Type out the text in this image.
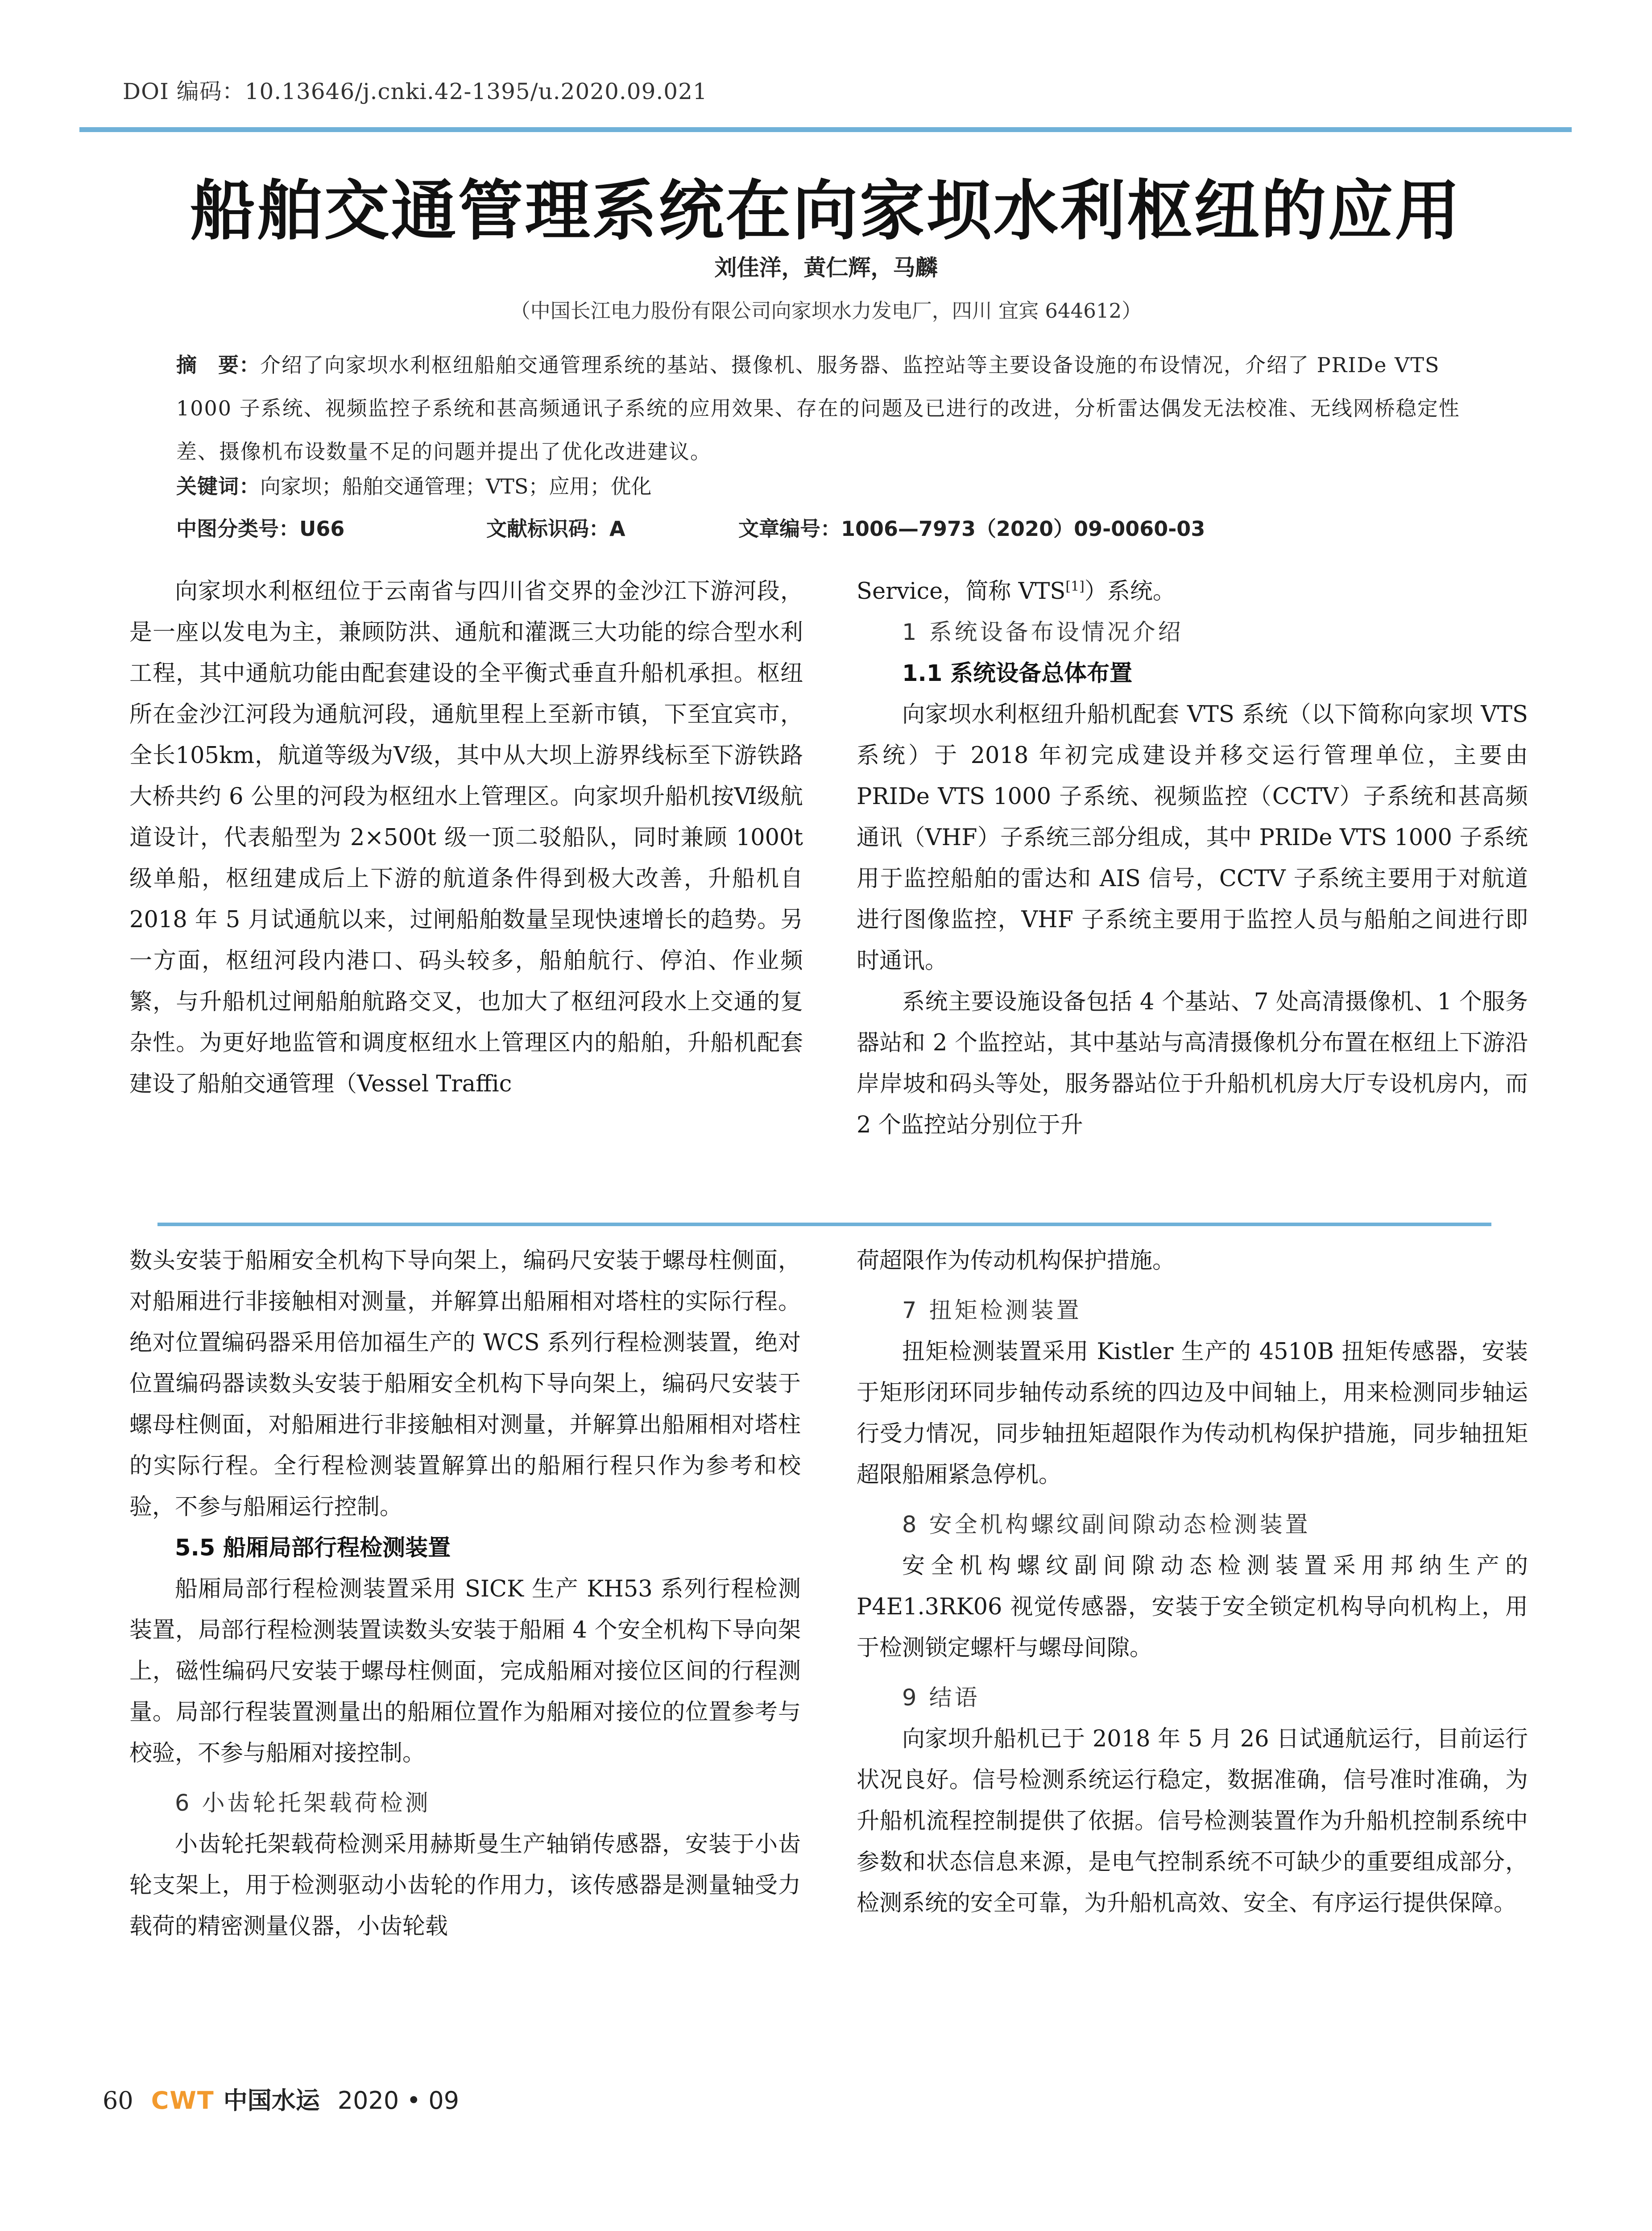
DOI 编码：10.13646/j.cnki.42-1395/u.2020.09.021
船舶交通管理系统在向家坝水利枢纽的应用
刘佳洋，黄仁辉，马麟
（中国长江电力股份有限公司向家坝水力发电厂，四川 宜宾 644612）
摘　要：介绍了向家坝水利枢纽船舶交通管理系统的基站、摄像机、服务器、监控站等主要设备设施的布设情况，介绍了 PRIDe VTS 1000 子系统、视频监控子系统和甚高频通讯子系统的应用效果、存在的问题及已进行的改进，分析雷达偶发无法校准、无线网桥稳定性差、摄像机布设数量不足的问题并提出了优化改进建议。
关键词：向家坝；船舶交通管理；VTS；应用；优化
中图分类号：U66	文献标识码：A	文章编号：1006—7973（2020）09-0060-03

向家坝水利枢纽位于云南省与四川省交界的金沙江下游河段，是一座以发电为主，兼顾防洪、通航和灌溉三大功能的综合型水利工程，其中通航功能由配套建设的全平衡式垂直升船机承担。枢纽所在金沙江河段为通航河段，通航里程上至新市镇，下至宜宾市，全长105km，航道等级为Ⅴ级，其中从大坝上游界线标至下游铁路大桥共约 6 公里的河段为枢纽水上管理区。向家坝升船机按Ⅵ级航道设计，代表船型为 2×500t 级一顶二驳船队，同时兼顾 1000t 级单船，枢纽建成后上下游的航道条件得到极大改善，升船机自 2018 年 5 月试通航以来，过闸船舶数量呈现快速增长的趋势。另一方面，枢纽河段内港口、码头较多，船舶航行、停泊、作业频繁，与升船机过闸船舶航路交叉，也加大了枢纽河段水上交通的复杂性。为更好地监管和调度枢纽水上管理区内的船舶，升船机配套建设了船舶交通管理（Vessel Traffic

Service，简称 VTS[1]）系统。

1 系统设备布设情况介绍

1.1 系统设备总体布置

向家坝水利枢纽升船机配套 VTS 系统（以下简称向家坝 VTS 系统）于 2018 年初完成建设并移交运行管理单位，主要由 PRIDe VTS 1000 子系统、视频监控（CCTV）子系统和甚高频通讯（VHF）子系统三部分组成，其中 PRIDe VTS 1000 子系统用于监控船舶的雷达和 AIS 信号，CCTV 子系统主要用于对航道进行图像监控，VHF 子系统主要用于监控人员与船舶之间进行即时通讯。

系统主要设施设备包括 4 个基站、7 处高清摄像机、1 个服务器站和 2 个监控站，其中基站与高清摄像机分布置在枢纽上下游沿岸岸坡和码头等处，服务器站位于升船机机房大厅专设机房内，而 2 个监控站分别位于升

数头安装于船厢安全机构下导向架上，编码尺安装于螺母柱侧面，对船厢进行非接触相对测量，并解算出船厢相对塔柱的实际行程。绝对位置编码器采用倍加福生产的 WCS 系列行程检测装置，绝对位置编码器读数头安装于船厢安全机构下导向架上，编码尺安装于螺母柱侧面，对船厢进行非接触相对测量，并解算出船厢相对塔柱的实际行程。全行程检测装置解算出的船厢行程只作为参考和校验，不参与船厢运行控制。

5.5 船厢局部行程检测装置

船厢局部行程检测装置采用 SICK 生产 KH53 系列行程检测装置，局部行程检测装置读数头安装于船厢 4 个安全机构下导向架上，磁性编码尺安装于螺母柱侧面，完成船厢对接位区间的行程测量。局部行程装置测量出的船厢位置作为船厢对接位的位置参考与校验，不参与船厢对接控制。

6 小齿轮托架载荷检测

小齿轮托架载荷检测采用赫斯曼生产轴销传感器，安装于小齿轮支架上，用于检测驱动小齿轮的作用力，该传感器是测量轴受力载荷的精密测量仪器，小齿轮载

荷超限作为传动机构保护措施。

7 扭矩检测装置

扭矩检测装置采用 Kistler 生产的 4510B 扭矩传感器，安装于矩形闭环同步轴传动系统的四边及中间轴上，用来检测同步轴运行受力情况，同步轴扭矩超限作为传动机构保护措施，同步轴扭矩超限船厢紧急停机。

8 安全机构螺纹副间隙动态检测装置

安全机构螺纹副间隙动态检测装置采用邦纳生产的 P4E1.3RK06 视觉传感器，安装于安全锁定机构导向机构上，用于检测锁定螺杆与螺母间隙。

9 结语

向家坝升船机已于 2018 年 5 月 26 日试通航运行，目前运行状况良好。信号检测系统运行稳定，数据准确，信号准时准确，为升船机流程控制提供了依据。信号检测装置作为升船机控制系统中参数和状态信息来源，是电气控制系统不可缺少的重要组成部分，检测系统的安全可靠，为升船机高效、安全、有序运行提供保障。

60 CWT 中国水运 2020 • 09
